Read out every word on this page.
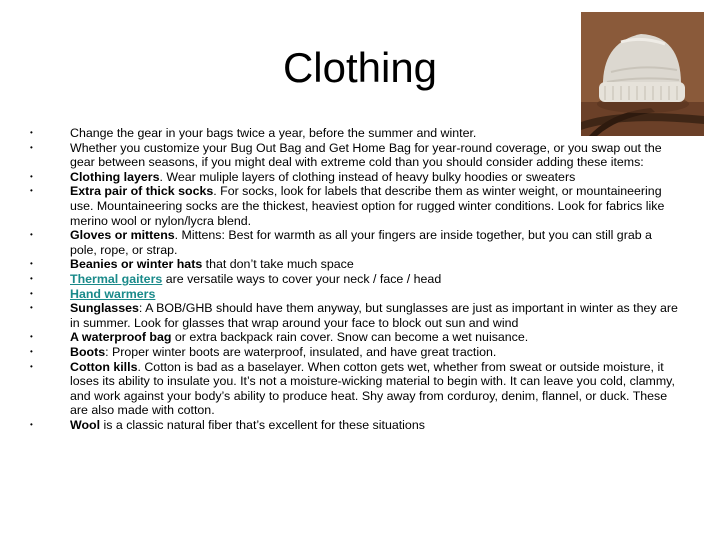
Clothing
•	Change the gear in your bags twice a year, before the summer and winter.
•	Whether you customize your Bug Out Bag and Get Home Bag for year-round coverage, or you swap out the gear between seasons, if you might deal with extreme cold than you should consider adding these items:
•	Clothing layers. Wear muliple layers of clothing instead of heavy bulky hoodies or sweaters
•	Extra pair of thick socks. For socks, look for labels that describe them as winter weight, or mountaineering use. Mountaineering socks are the thickest, heaviest option for rugged winter conditions. Look for fabrics like merino wool or nylon/lycra blend.
•	Gloves or mittens. Mittens: Best for warmth as all your fingers are inside together, but you can still grab a pole, rope, or strap.
•	Beanies or winter hats that don’t take much space
•	Thermal gaiters are versatile ways to cover your neck / face / head
•	Hand warmers
•	Sunglasses: A BOB/GHB should have them anyway, but sunglasses are just as important in winter as they are in summer. Look for glasses that wrap around your face to block out sun and wind
•	A waterproof bag or extra backpack rain cover. Snow can become a wet nuisance.
•	Boots: Proper winter boots are waterproof, insulated, and have great traction.
•	Cotton kills. Cotton is bad as a baselayer. When cotton gets wet, whether from sweat or outside moisture, it loses its ability to insulate you. It’s not a moisture-wicking material to begin with. It can leave you cold, clammy, and work against your body’s ability to produce heat. Shy away from corduroy, denim, flannel, or duck. These are also made with cotton.
•	Wool is a classic natural fiber that’s excellent for these situations
